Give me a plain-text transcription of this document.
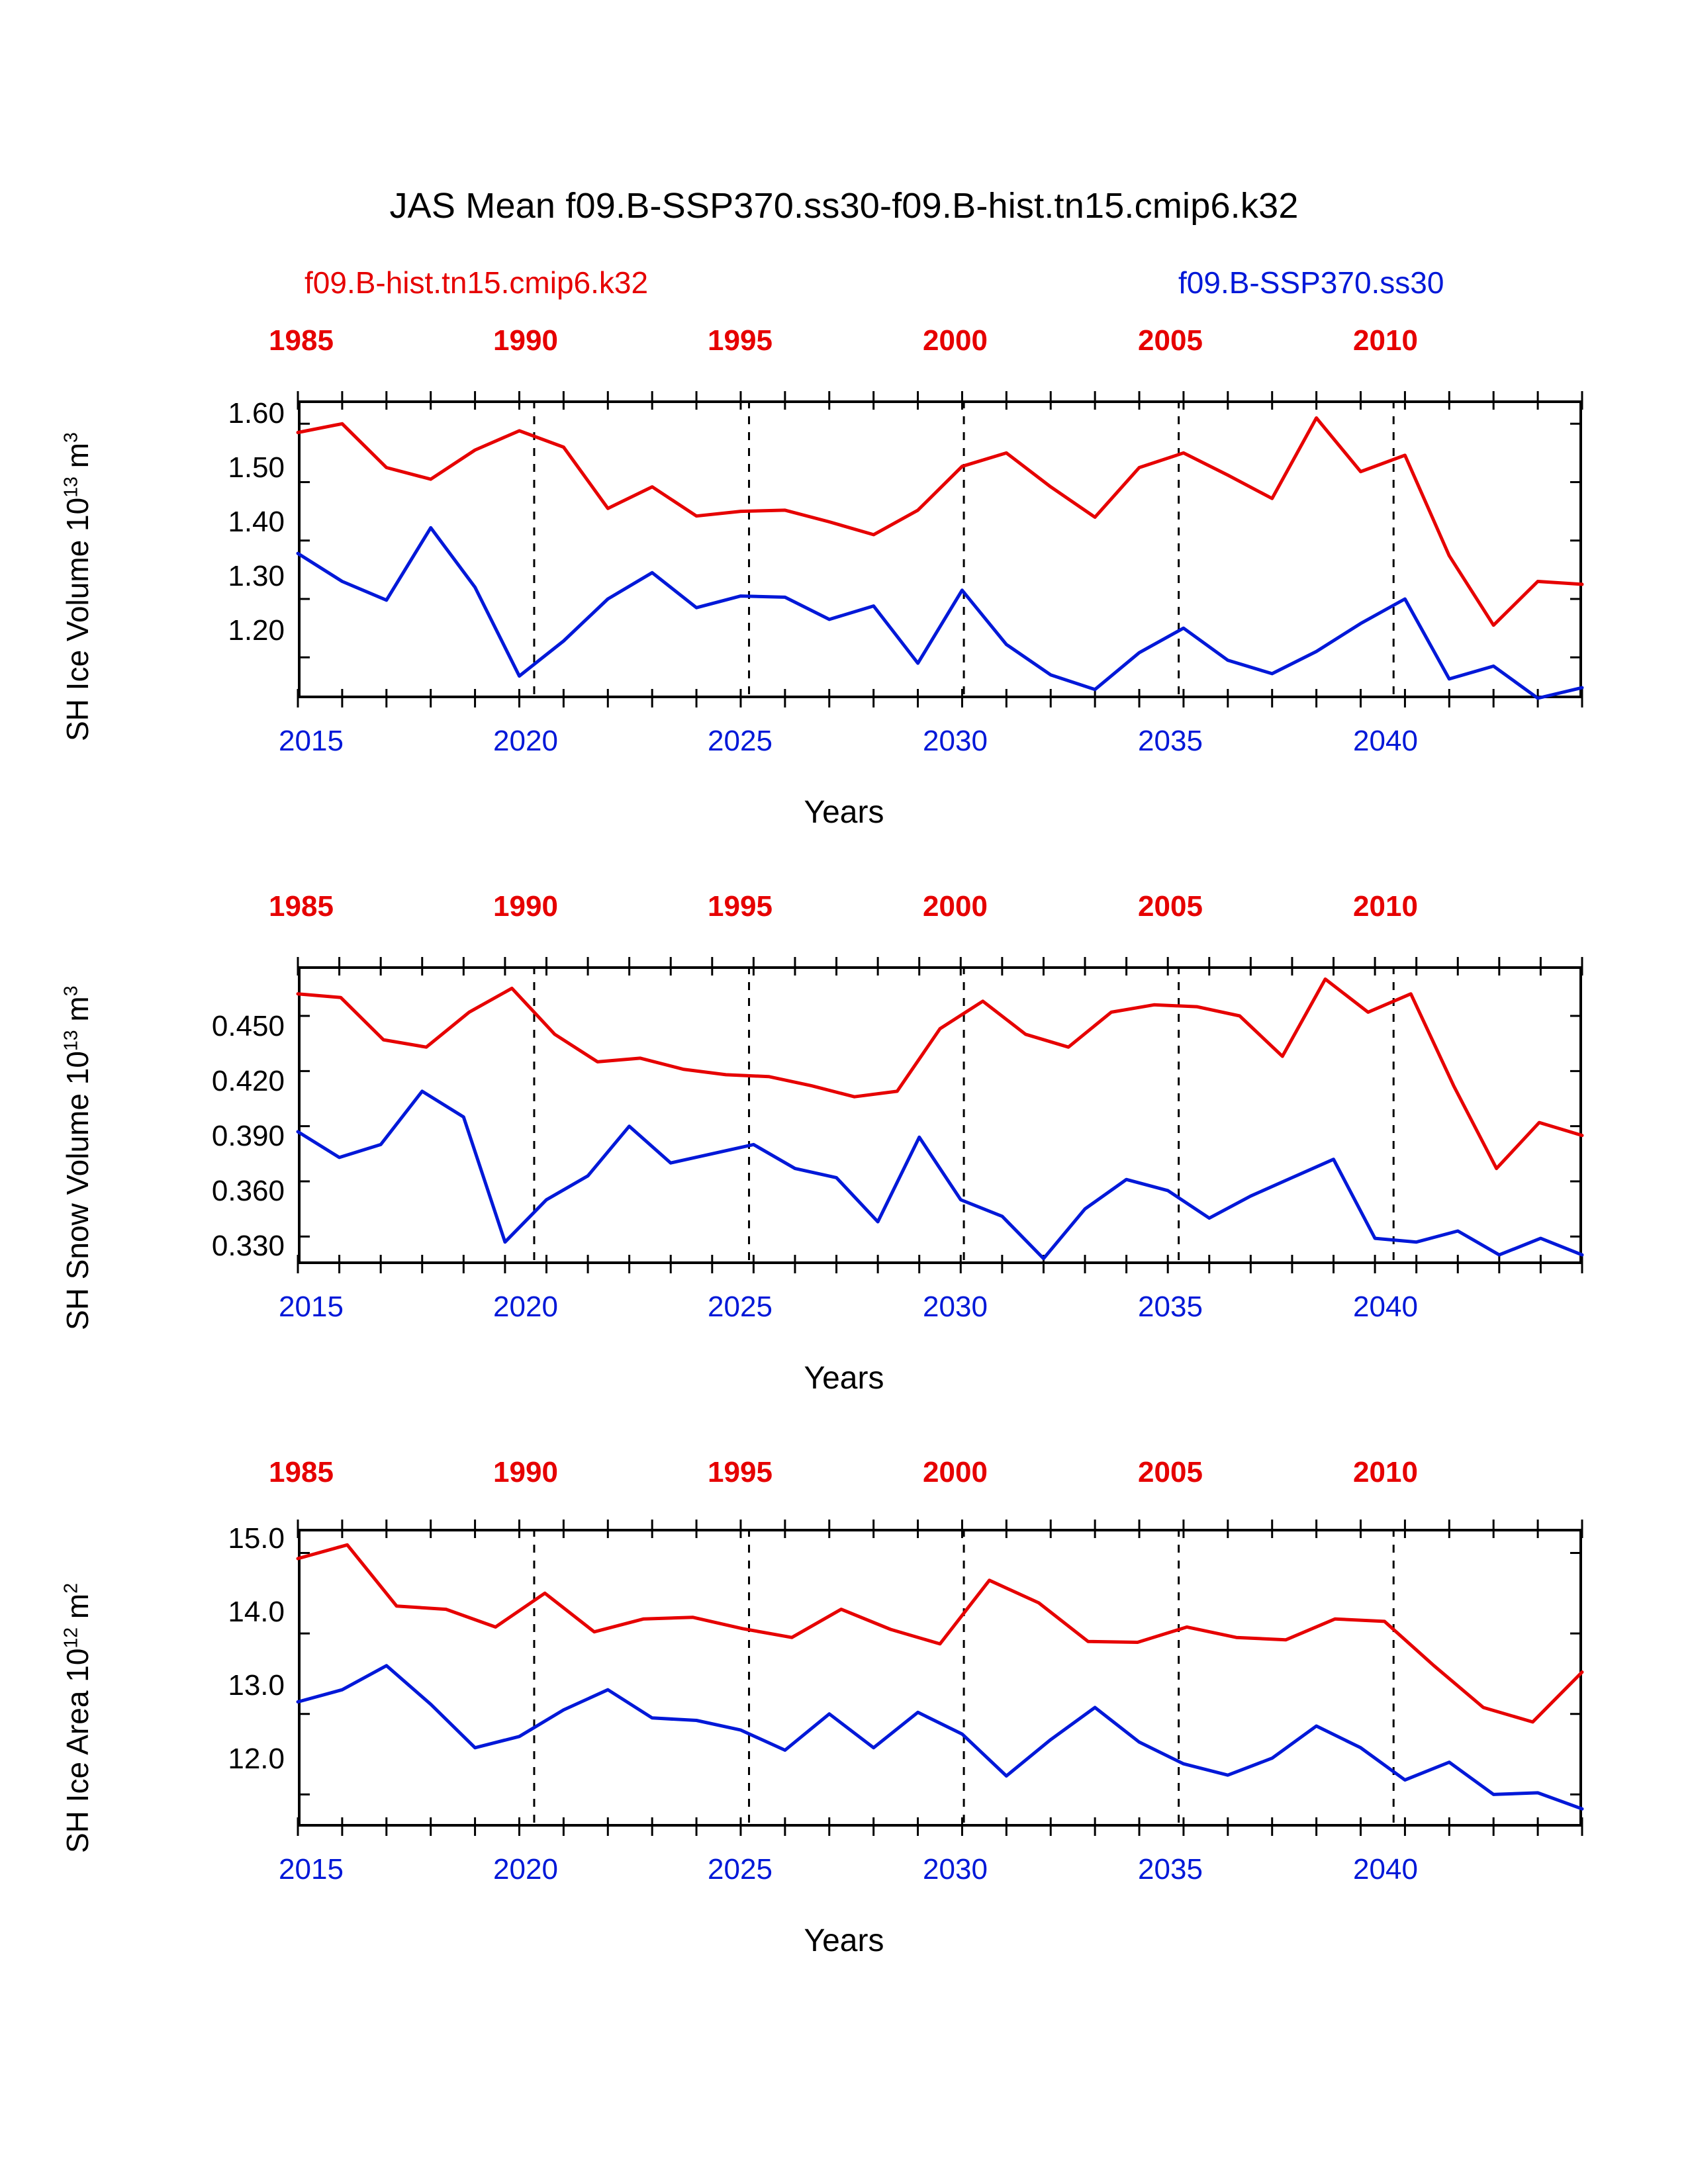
JAS Mean f09.B-SSP370.ss30-f09.B-hist.tn15.cmip6.k32
f09.B-hist.tn15.cmip6.k32	f09.B-SSP370.ss30
1985	1990	1995	2000	2005	2010
SH Ice Volume $10^{13}$ $m^3$
1.60
1.50
1.40
1.30
1.20
2015	2020	2025	2030	2035	2040
Years
1985	1990	1995	2000	2005	2010
SH Snow Volume $10^{13}$ $m^3$
0.450
0.420
0.390
0.360
0.330
2015	2020	2025	2030	2035	2040
Years
1985	1990	1995	2000	2005	2010
SH Ice Area $10^{12}$ $m^2$
15.0
14.0
13.0
12.0
2015	2020	2025	2030	2035	2040
Years
